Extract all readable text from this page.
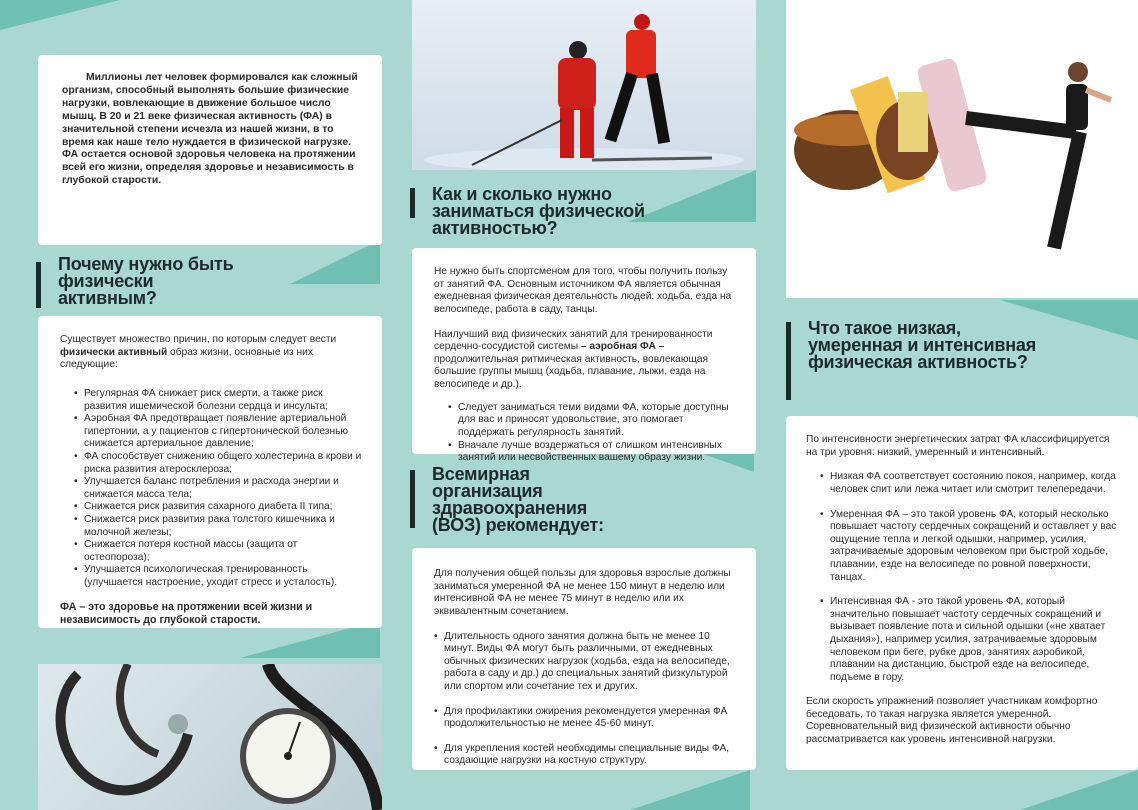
Миллионы лет человек формировался как сложный организм, способный выполнять большие физические нагрузки, вовлекающие в движение большое число мышц. В 20 и 21 веке физическая активность (ФА) в значительной степени исчезла из нашей жизни, в то время как наше тело нуждается в физической нагрузке. ФА остается основой здоровья человека на протяжении всей его жизни, определяя здоровье и независимость в глубокой старости.

Почему нужно быть физически активным?

Существует множество причин, по которым следует вести физически активный образ жизни, основные из них следующие:

• Регулярная ФА снижает риск смерти, а также риск развития ишемической болезни сердца и инсульта;
• Аэробная ФА предотвращает появление артериальной гипертонии, а у пациентов с гипертонической болезнью снижается артериальное давление;
• ФА способствует снижению общего холестерина в крови и риска развития атеросклероза;
• Улучшается баланс потребления и расхода энергии и снижается масса тела;
• Снижается риск развития сахарного диабета II типа;
• Снижается риск развития рака толстого кишечника и молочной железы;
• Снижается потеря костной массы (защита от остеопороза);
• Улучшается психологическая тренированность (улучшается настроение, уходит стресс и усталость).

ФА – это здоровье на протяжении всей жизни и независимость до глубокой старости.

Как и сколько нужно заниматься физической активностью?

Не нужно быть спортсменом для того, чтобы получить пользу от занятий ФА. Основным источником ФА является обычная ежедневная физическая деятельность людей: ходьба, езда на велосипеде, работа в саду, танцы.

Наилучший вид физических занятий для тренированности сердечно-сосудистой системы – аэробная ФА – продолжительная ритмическая активность, вовлекающая большие группы мышц (ходьба, плавание, лыжи, езда на велосипеде и др.).

• Следует заниматься теми видами ФА, которые доступны для вас и приносят удовольствие, это помогает поддержать регулярность занятий.
• Вначале лучше воздержаться от слишком интенсивных занятий или несвойственных вашему образу жизни.
Всемирная организация здравоохранения (ВОЗ) рекомендует:

Для получения общей пользы для здоровья взрослые должны заниматься умеренной ФА не менее 150 минут в неделю или интенсивной ФА не менее 75 минут в неделю или их эквивалентным сочетанием.

• Длительность одного занятия должна быть не менее 10 минут. Виды ФА могут быть различными, от ежедневных обычных физических нагрузок (ходьба, езда на велосипеде, работа в саду и др.) до специальных занятий физкультурой или спортом или сочетание тех и других.
• Для профилактики ожирения рекомендуется умеренная ФА продолжительностью не менее 45-60 минут.
• Для укрепления костей необходимы специальные виды ФА, создающие нагрузки на костную структуру.
Что такое низкая, умеренная и интенсивная физическая активность?

По интенсивности энергетических затрат ФА классифицируется на три уровня: низкий, умеренный и интенсивный.

• Низкая ФА соответствует состоянию покоя, например, когда человек спит или лежа читает или смотрит телепередачи.
• Умеренная ФА – это такой уровень ФА, который несколько повышает частоту сердечных сокращений и оставляет у вас ощущение тепла и легкой одышки, например, усилия, затрачиваемые здоровым человеком при быстрой ходьбе, плавании, езде на велосипеде по ровной поверхности, танцах.
• Интенсивная ФА - это такой уровень ФА, который значительно повышает частоту сердечных сокращений и вызывает появление пота и сильной одышки («не хватает дыхания»), например усилия, затрачиваемые здоровым человеком при беге, рубке дров, занятиях аэробикой, плавании на дистанцию, быстрой езде на велосипеде, подъеме в гору.

Если скорость упражнений позволяет участникам комфортно беседовать, то такая нагрузка является умеренной. Соревновательный вид физической активности обычно рассматривается как уровень интенсивной нагрузки.
